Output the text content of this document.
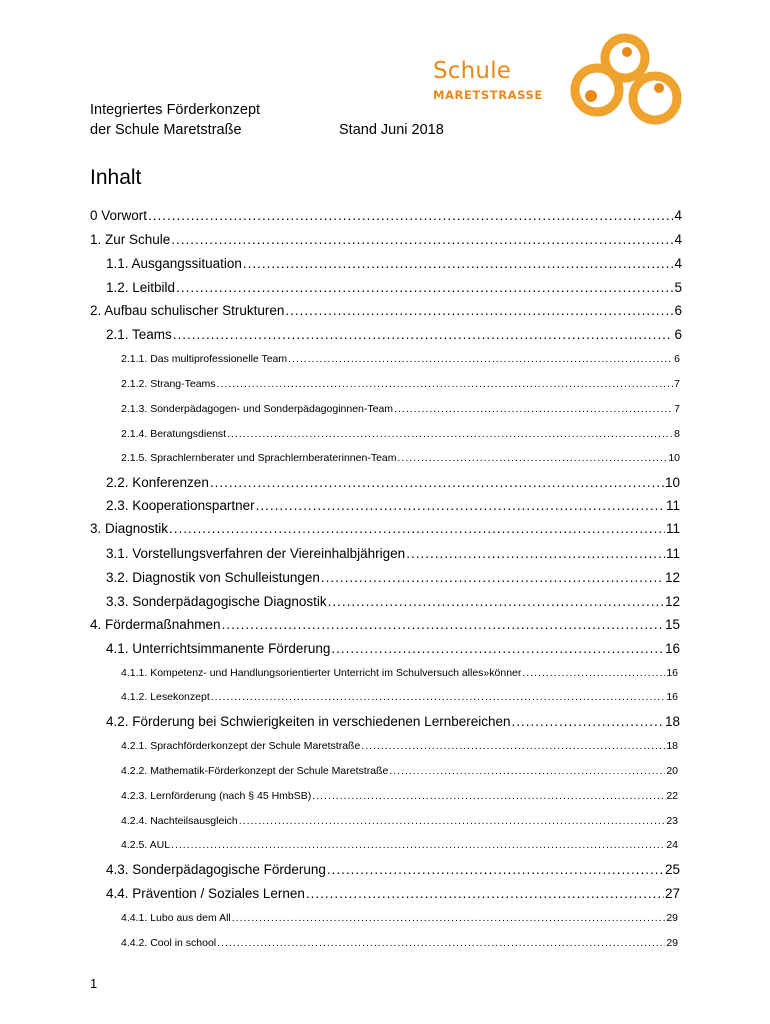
Schule
MARETSTRASSE
Integriertes Förderkonzept
der Schule Maretstraße	Stand Juni 2018
Inhalt
0 Vorwort .....	4
1. Zur Schule .....	4
1.1. Ausgangssituation .....	4
1.2. Leitbild .....	5
2. Aufbau schulischer Strukturen .....	6
2.1. Teams .....	6
2.1.1. Das multiprofessionelle Team .....	6
2.1.2. Strang-Teams .....	7
2.1.3. Sonderpädagogen- und Sonderpädagoginnen-Team .....	7
2.1.4. Beratungsdienst .....	8
2.1.5. Sprachlernberater und Sprachlernberaterinnen-Team .....	10
2.2. Konferenzen .....	10
2.3. Kooperationspartner .....	11
3. Diagnostik .....	11
3.1. Vorstellungsverfahren der Viereinhalbjährigen .....	11
3.2. Diagnostik von Schulleistungen .....	12
3.3. Sonderpädagogische Diagnostik .....	12
4. Fördermaßnahmen .....	15
4.1. Unterrichtsimmanente Förderung .....	16
4.1.1. Kompetenz- und Handlungsorientierter Unterricht im Schulversuch alles»könner .....	16
4.1.2. Lesekonzept .....	16
4.2. Förderung bei Schwierigkeiten in verschiedenen Lernbereichen .....	18
4.2.1. Sprachförderkonzept der Schule Maretstraße .....	18
4.2.2. Mathematik-Förderkonzept der Schule Maretstraße .....	20
4.2.3. Lernförderung (nach § 45 HmbSB) .....	22
4.2.4. Nachteilsausgleich .....	23
4.2.5. AUL .....	24
4.3. Sonderpädagogische Förderung .....	25
4.4. Prävention / Soziales Lernen .....	27
4.4.1. Lubo aus dem All .....	29
4.4.2. Cool in school .....	29
1
